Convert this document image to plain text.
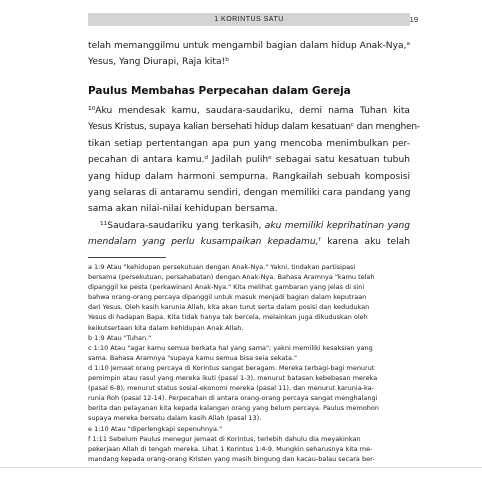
1 KORINTUS SATU	19
telah memanggilmu untuk mengambil bagian dalam hidup Anak-Nya,ᵃ
Yesus, Yang Diurapi, Raja kita!ᵇ
Paulus Membahas Perpecahan dalam Gereja
¹⁰Aku mendesak kamu, saudara-saudariku, demi nama Tuhan kita
Yesus Kristus, supaya kalian bersehati hidup dalam kesatuanᶜ dan menghen-
tikan setiap pertentangan apa pun yang mencoba menimbulkan per-
pecahan di antara kamu.ᵈ Jadilah pulihᵉ sebagai satu kesatuan tubuh
yang hidup dalam harmoni sempurna. Rangkailah sebuah komposisi
yang selaras di antaramu sendiri, dengan memiliki cara pandang yang
sama akan nilai-nilai kehidupan bersama.
¹¹Saudara-saudariku yang terkasih, aku memiliki keprihatinan yang
mendalam yang perlu kusampaikan kepadamu,ᶠ karena aku telah
a 1:9 Atau "kehidupan persekutuan dengan Anak-Nya." Yakni, tindakan partisipasi
bersama (persekutuan, persahabatan) dengan Anak-Nya. Bahasa Aramnya "kamu telah
dipanggil ke pesta (perkawinan) Anak-Nya." Kita melihat gambaran yang jelas di sini
bahwa orang-orang percaya dipanggil untuk masuk menjadi bagian dalam keputraan
dari Yesus. Oleh kasih karunia Allah, kita akan turut serta dalam posisi dan kedudukan
Yesus di hadapan Bapa. Kita tidak hanya tak bercela, melainkan juga dikuduskan oleh
keikutsertaan kita dalam kehidupan Anak Allah.
b 1:9 Atau "Tuhan."
c 1:10 Atau "agar kamu semua berkata hal yang sama"; yakni memiliki kesaksian yang
sama. Bahasa Aramnya "supaya kamu semua bisa seia sekata."
d 1:10 Jemaat orang percaya di Korintus sangat beragam. Mereka terbagi-bagi menurut
pemimpin atau rasul yang mereka ikuti (pasal 1-3), menurut batasan kebebasan mereka
(pasal 6-8), menurut status sosial-ekonomi mereka (pasal 11), dan menurut karunia-ka-
runia Roh (pasal 12-14). Perpecahan di antara orang-orang percaya sangat menghalangi
berita dan pelayanan kita kepada kalangan orang yang belum percaya. Paulus memohon
supaya mereka bersatu dalam kasih Allah (pasal 13).
e 1:10 Atau "diperlengkapi sepenuhnya."
f 1:11 Sebelum Paulus menegur jemaat di Korintus, terlebih dahulu dia meyakinkan
pekerjaan Allah di tengah mereka. Lihat 1 Korintus 1:4-9. Mungkin seharusnya kita me-
mandang kepada orang-orang Kristen yang masih bingung dan kacau-balau secara ber-
